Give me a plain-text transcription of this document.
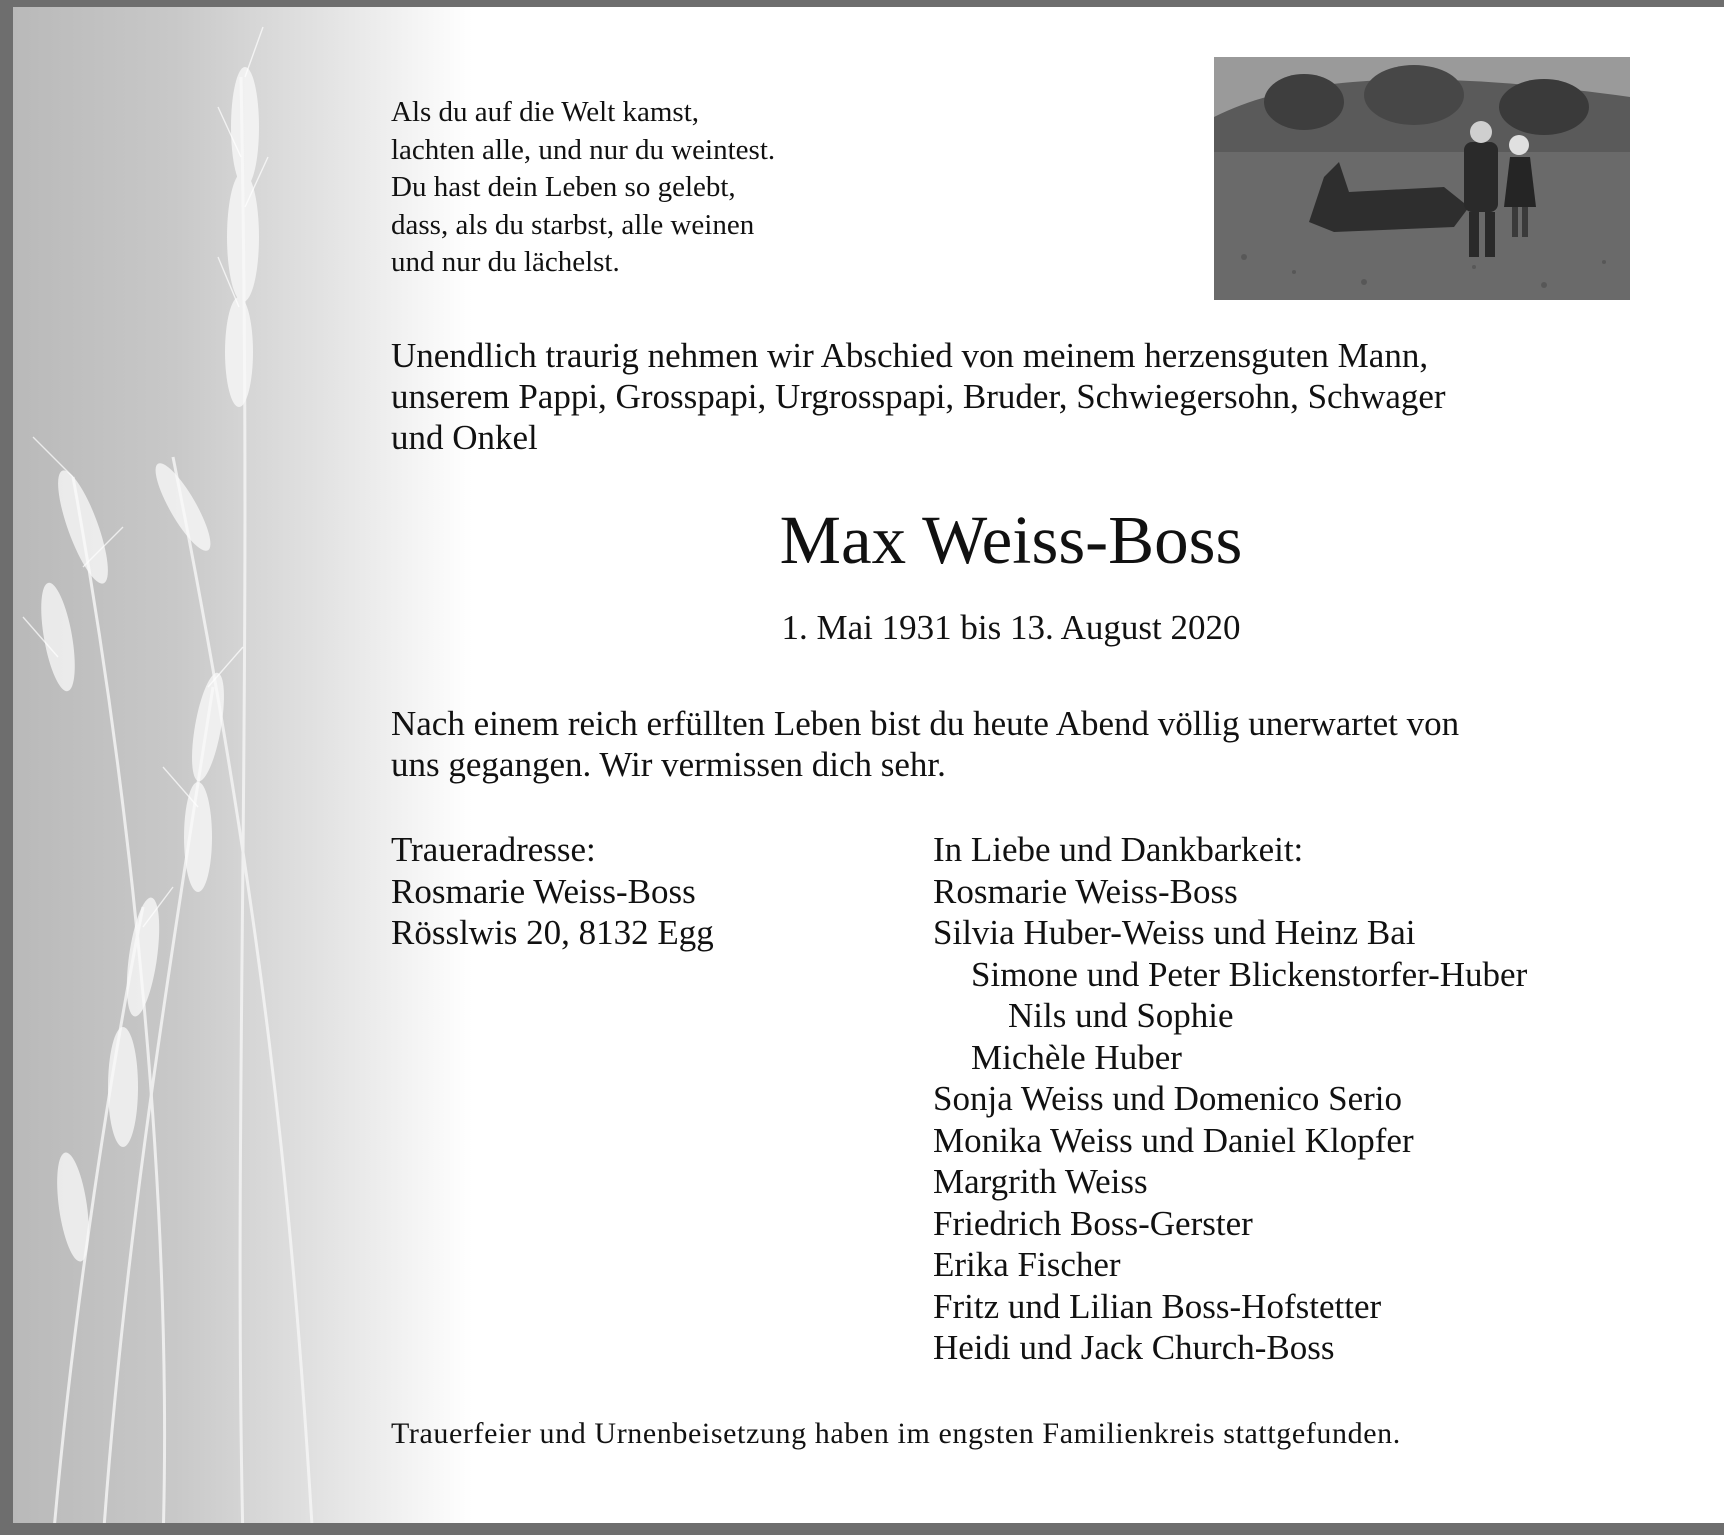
Als du auf die Welt kamst,
lachten alle, und nur du weintest.
Du hast dein Leben so gelebt,
dass, als du starbst, alle weinen
und nur du lächelst.
Unendlich traurig nehmen wir Abschied von meinem herzensguten Mann,
unserem Pappi, Grosspapi, Urgrosspapi, Bruder, Schwiegersohn, Schwager
und Onkel
Max Weiss-Boss
1. Mai 1931 bis 13. August 2020
Nach einem reich erfüllten Leben bist du heute Abend völlig unerwartet von
uns gegangen. Wir vermissen dich sehr.
Traueradresse:
Rosmarie Weiss-Boss
Rösslwis 20, 8132 Egg
In Liebe und Dankbarkeit:
Rosmarie Weiss-Boss
Silvia Huber-Weiss und Heinz Bai
Simone und Peter Blickenstorfer-Huber
Nils und Sophie
Michèle Huber
Sonja Weiss und Domenico Serio
Monika Weiss und Daniel Klopfer
Margrith Weiss
Friedrich Boss-Gerster
Erika Fischer
Fritz und Lilian Boss-Hofstetter
Heidi und Jack Church-Boss
Trauerfeier und Urnenbeisetzung haben im engsten Familienkreis stattgefunden.
